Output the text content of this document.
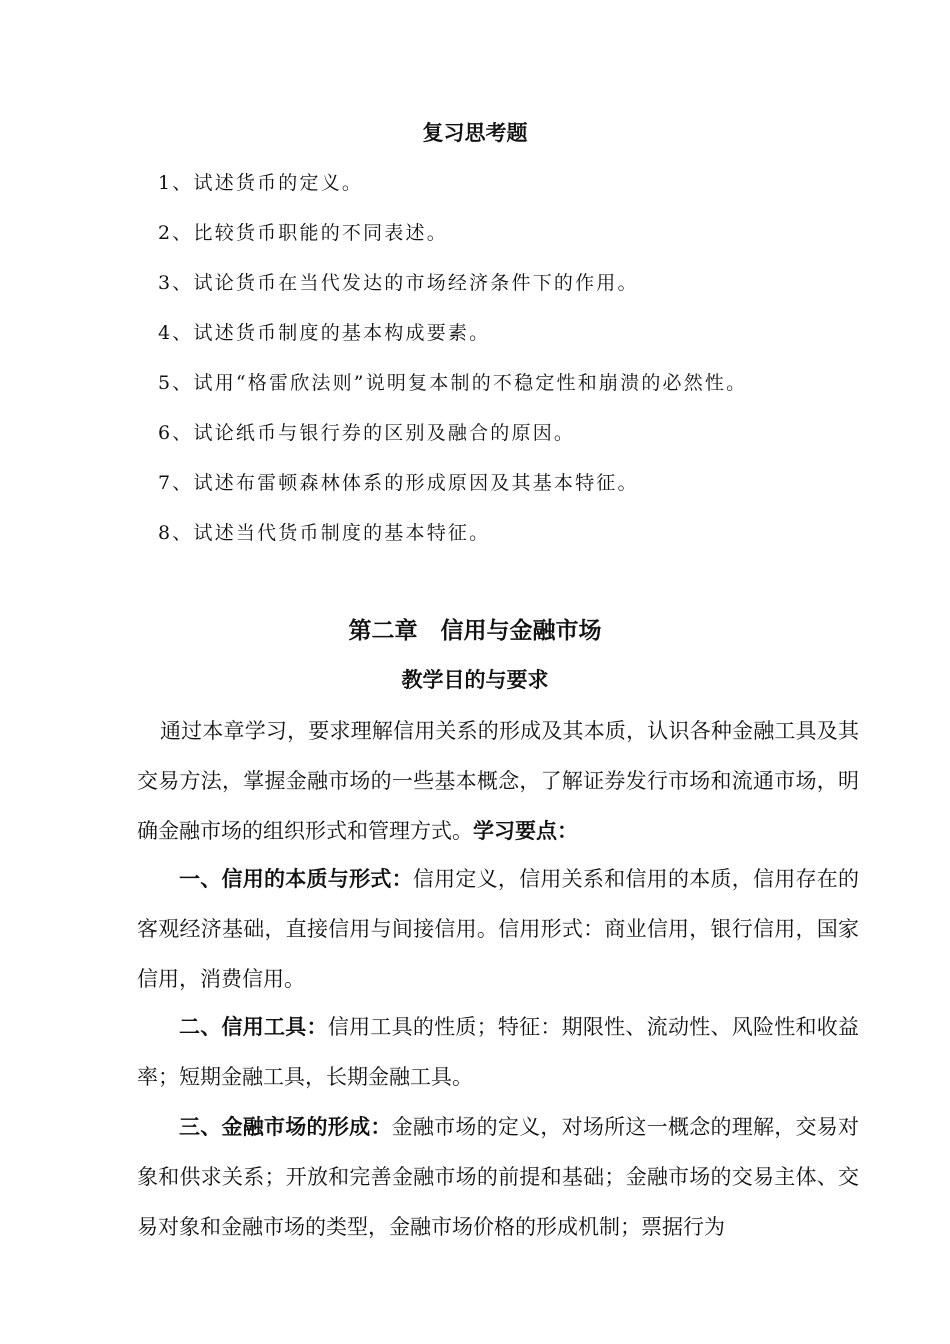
复习思考题
1、试述货币的定义。
2、比较货币职能的不同表述。
3、试论货币在当代发达的市场经济条件下的作用。
4、试述货币制度的基本构成要素。
5、试用“格雷欣法则”说明复本制的不稳定性和崩溃的必然性。
6、试论纸币与银行券的区别及融合的原因。
7、试述布雷顿森林体系的形成原因及其基本特征。
8、试述当代货币制度的基本特征。
第二章　信用与金融市场
教学目的与要求

通过本章学习，要求理解信用关系的形成及其本质，认识各种金融工具及其交易方法，掌握金融市场的一些基本概念，了解证券发行市场和流通市场，明确金融市场的组织形式和管理方式。学习要点：

一、信用的本质与形式：信用定义，信用关系和信用的本质，信用存在的客观经济基础，直接信用与间接信用。信用形式：商业信用，银行信用，国家信用，消费信用。

二、信用工具：信用工具的性质；特征：期限性、流动性、风险性和收益率；短期金融工具，长期金融工具。

三、金融市场的形成：金融市场的定义，对场所这一概念的理解，交易对象和供求关系；开放和完善金融市场的前提和基础；金融市场的交易主体、交易对象和金融市场的类型，金融市场价格的形成机制；票据行为
